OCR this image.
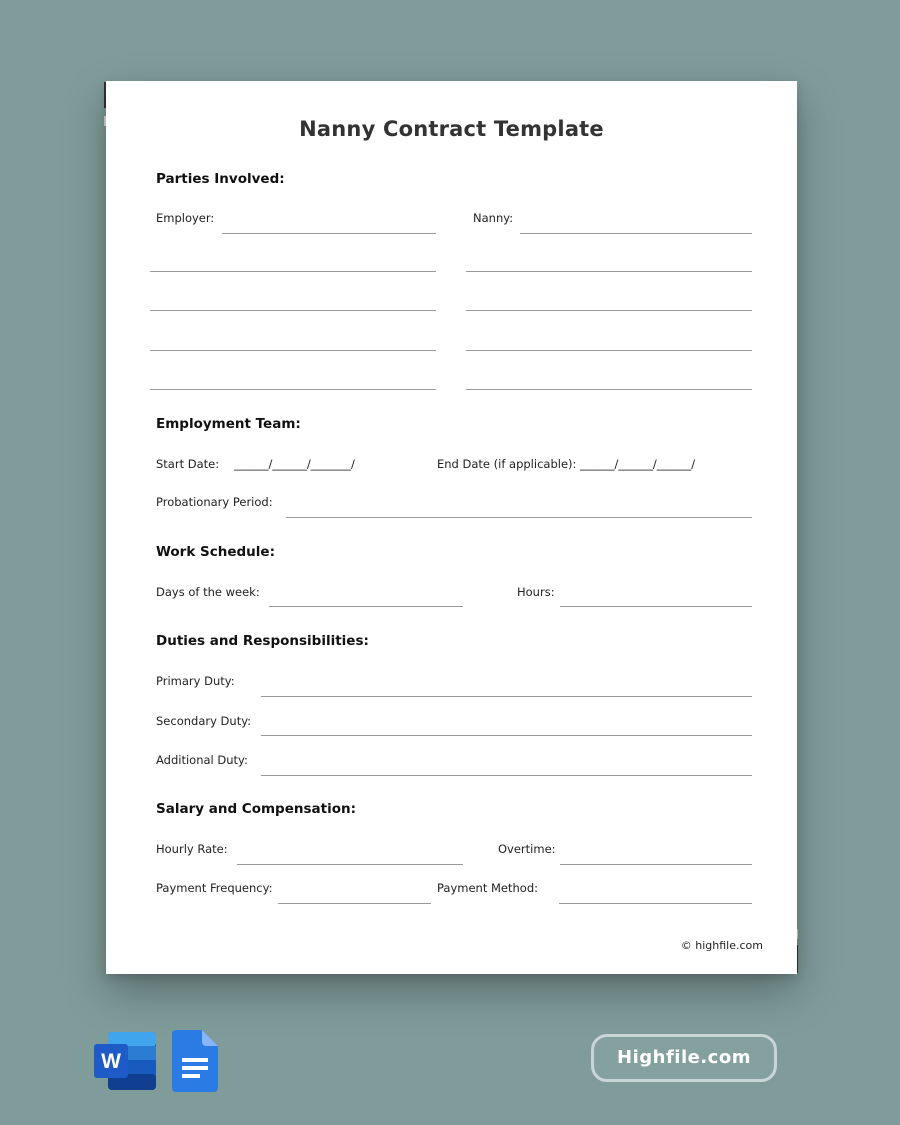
Nanny Contract Template
Parties Involved:
Employer:	Nanny:
Employment Team:
Start Date: ______/______/_______/	End Date (if applicable): ______/______/______/
Probationary Period:
Work Schedule:
Days of the week:	Hours:
Duties and Responsibilities:
Primary Duty:
Secondary Duty:
Additional Duty:
Salary and Compensation:
Hourly Rate:	Overtime:
Payment Frequency:	Payment Method:
© highfile.com
W	Highfile.com
